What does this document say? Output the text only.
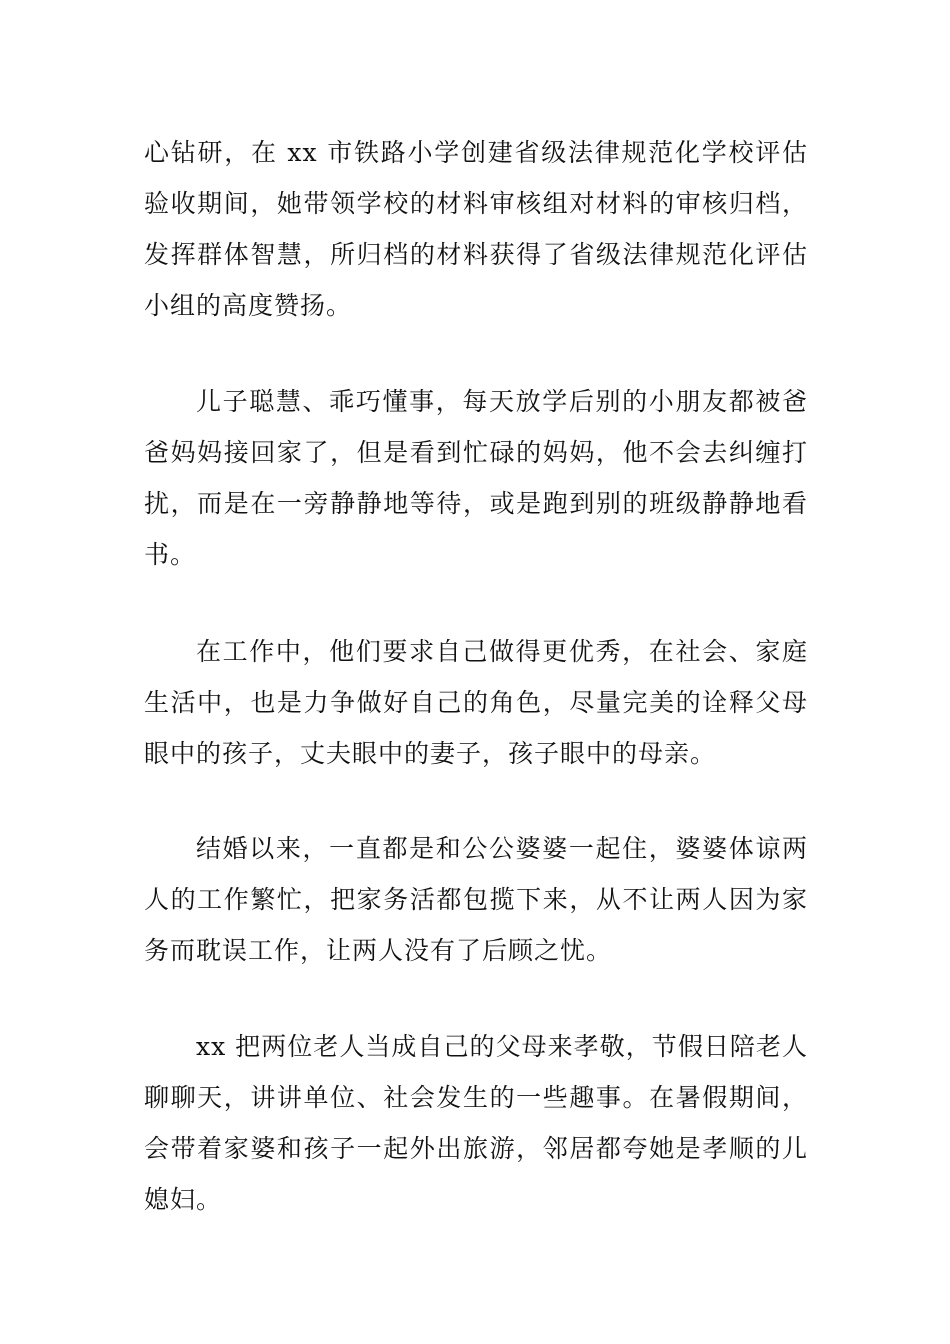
心钻研，在 xx 市铁路小学创建省级法律规范化学校评估验收期间，她带领学校的材料审核组对材料的审核归档，发挥群体智慧，所归档的材料获得了省级法律规范化评估小组的高度赞扬。

儿子聪慧、乖巧懂事，每天放学后别的小朋友都被爸爸妈妈接回家了，但是看到忙碌的妈妈，他不会去纠缠打扰，而是在一旁静静地等待，或是跑到别的班级静静地看书。

在工作中，他们要求自己做得更优秀，在社会、家庭生活中，也是力争做好自己的角色，尽量完美的诠释父母眼中的孩子，丈夫眼中的妻子，孩子眼中的母亲。

结婚以来，一直都是和公公婆婆一起住，婆婆体谅两人的工作繁忙，把家务活都包揽下来，从不让两人因为家务而耽误工作，让两人没有了后顾之忧。

xx 把两位老人当成自己的父母来孝敬，节假日陪老人聊聊天，讲讲单位、社会发生的一些趣事。在暑假期间，会带着家婆和孩子一起外出旅游，邻居都夸她是孝顺的儿媳妇。
